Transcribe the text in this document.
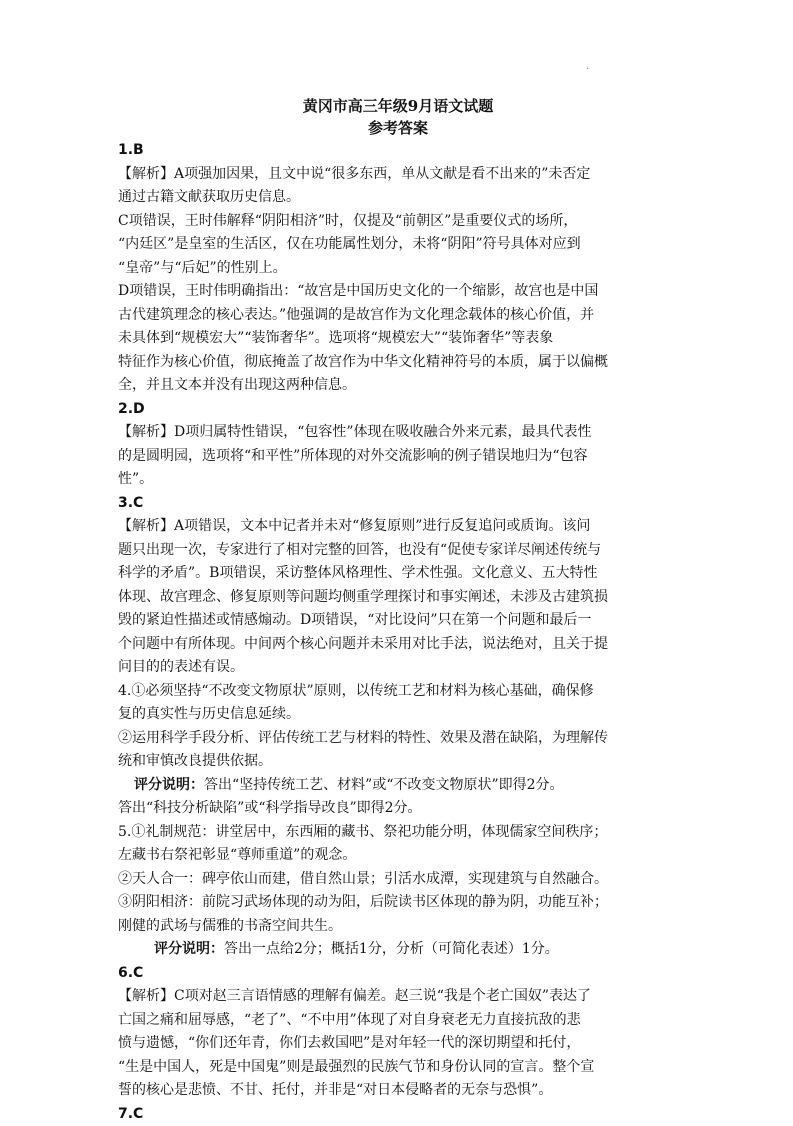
·

黄冈市高三年级9月语文试题

参考答案

1.B

【解析】A项强加因果，且文中说“很多东西，单从文献是看不出来的”未否定

通过古籍文献获取历史信息。

C项错误，王时伟解释“阴阳相济”时，仅提及“前朝区”是重要仪式的场所，

“内廷区”是皇室的生活区，仅在功能属性划分，未将“阴阳”符号具体对应到

“皇帝”与“后妃”的性别上。

D项错误，王时伟明确指出：“故宫是中国历史文化的一个缩影，故宫也是中国

古代建筑理念的核心表达。”他强调的是故宫作为文化理念载体的核心价值，并

未具体到“规模宏大”“装饰奢华”。选项将“规模宏大”“装饰奢华”等表象

特征作为核心价值，彻底掩盖了故宫作为中华文化精神符号的本质，属于以偏概

全，并且文本并没有出现这两种信息。

2.D

【解析】D项归属特性错误，“包容性”体现在吸收融合外来元素，最具代表性

的是圆明园，选项将“和平性”所体现的对外交流影响的例子错误地归为“包容

性”。

3.C

【解析】A项错误，文本中记者并未对“修复原则”进行反复追问或质询。该问

题只出现一次，专家进行了相对完整的回答，也没有“促使专家详尽阐述传统与

科学的矛盾”。B项错误，采访整体风格理性、学术性强。文化意义、五大特性

体现、故宫理念、修复原则等问题均侧重学理探讨和事实阐述，未涉及古建筑损

毁的紧迫性描述或情感煽动。D项错误，“对比设问”只在第一个问题和最后一

个问题中有所体现。中间两个核心问题并未采用对比手法，说法绝对，且关于提

问目的的表述有误。

4.①必须坚持“不改变文物原状”原则，以传统工艺和材料为核心基础，确保修

复的真实性与历史信息延续。

②运用科学手段分析、评估传统工艺与材料的特性、效果及潜在缺陷，为理解传

统和审慎改良提供依据。

评分说明：答出“坚持传统工艺、材料”或“不改变文物原状”即得2分。

答出“科技分析缺陷”或“科学指导改良”即得2分。

5.①礼制规范：讲堂居中，东西厢的藏书、祭祀功能分明，体现儒家空间秩序；

左藏书右祭祀彰显“尊师重道”的观念。

②天人合一：碑亭依山而建，借自然山景；引活水成潭，实现建筑与自然融合。

③阴阳相济：前院习武场体现的动为阳，后院读书区体现的静为阴，功能互补；

刚健的武场与儒雅的书斋空间共生。

评分说明：答出一点给2分；概括1分，分析（可简化表述）1分。

6.C

【解析】C项对赵三言语情感的理解有偏差。赵三说“我是个老亡国奴”表达了

亡国之痛和屈辱感，“老了”、“不中用”体现了对自身衰老无力直接抗敌的悲

愤与遗憾，“你们还年青，你们去救国吧”是对年轻一代的深切期望和托付，

“生是中国人，死是中国鬼”则是最强烈的民族气节和身份认同的宣言。整个宣

誓的核心是悲愤、不甘、托付，并非是“对日本侵略者的无奈与恐惧”。

7.C
